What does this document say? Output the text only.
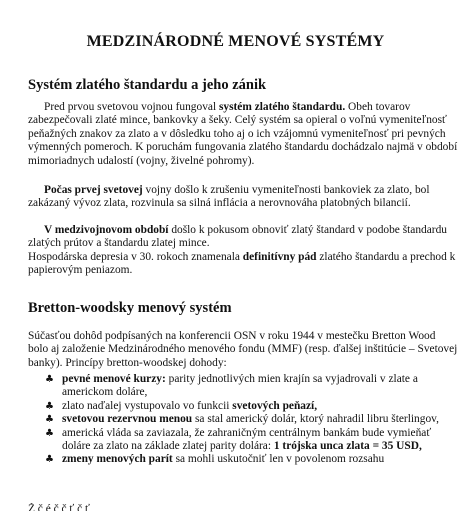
MEDZINÁRODNÉ MENOVÉ SYSTÉMY
Systém zlatého štandardu a jeho zánik

Pred prvou svetovou vojnou fungoval systém zlatého štandardu. Obeh tovarov zabezpečovali zlaté mince, bankovky a šeky. Celý systém sa opieral o voľnú vymeniteľnosť peňažných znakov za zlato a v dôsledku toho aj o ich vzájomnú vymeniteľnosť pri pevných výmenných pomeroch. K poruchám fungovania zlatého štandardu dochádzalo najmä v období mimoriadnych udalostí (vojny, živelné pohromy).

Počas prvej svetovej vojny došlo k zrušeniu vymeniteľnosti bankoviek za zlato, bol zakázaný vývoz zlata, rozvinula sa silná inflácia a nerovnováha platobných bilancií.

V medzivojnovom období došlo k pokusom obnoviť zlatý štandard v podobe štandardu zlatých prútov a štandardu zlatej mince.
Hospodárska depresia v 30. rokoch znamenala definitívny pád zlatého štandardu a prechod k papierovým peniazom.

Bretton-woodsky menový systém

Súčasťou dohôd podpísaných na konferencii OSN v roku 1944 v mestečku Bretton Wood bolo aj založenie Medzinárodného menového fondu (MMF) (resp. ďalšej inštitúcie – Svetovej banky). Princípy bretton-woodskej dohody:

♣ pevné menové kurzy: parity jednotlivých mien krajín sa vyjadrovali v zlate a americkom doláre,
♣ zlato naďalej vystupovalo vo funkcii svetových peňazí,
♣ svetovou rezervnou menou sa stal americký dolár, ktorý nahradil libru šterlingov,
♣ americká vláda sa zaviazala, že zahraničným centrálnym bankám bude vymieňať doláre za zlato na základe zlatej parity dolára: 1 trójska unca zlata = 35 USD,
♣ zmeny menových parít sa mohli uskutočniť len v povolenom rozsahu
Ž č é č č ť č ť
